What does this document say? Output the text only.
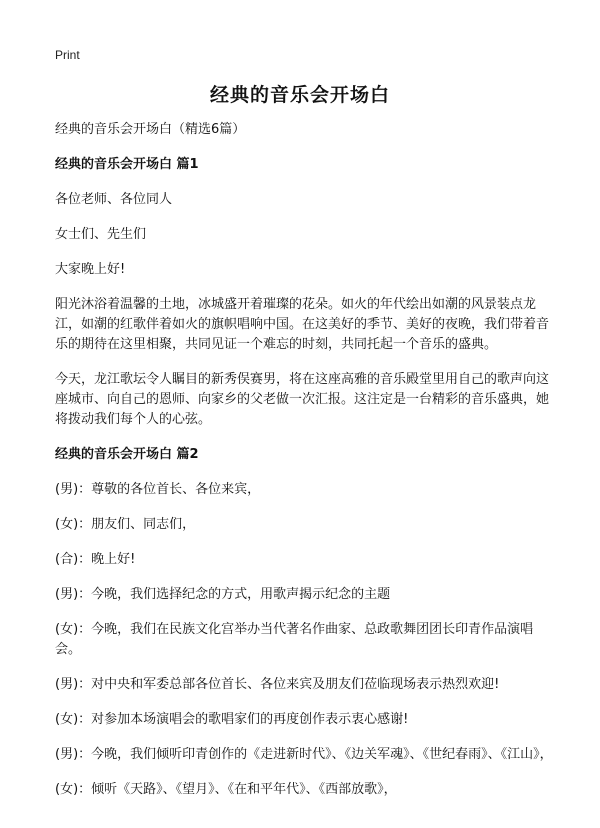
Print
经典的音乐会开场白

经典的音乐会开场白（精选6篇）

经典的音乐会开场白 篇1

各位老师、各位同人

女士们、先生们

大家晚上好!

阳光沐浴着温馨的土地，冰城盛开着璀璨的花朵。如火的年代绘出如潮的风景装点龙江，如潮的红歌伴着如火的旗帜唱响中国。在这美好的季节、美好的夜晚，我们带着音乐的期待在这里相聚，共同见证一个难忘的时刻，共同托起一个音乐的盛典。

今天，龙江歌坛令人瞩目的新秀俣赛男，将在这座高雅的音乐殿堂里用自己的歌声向这座城市、向自己的恩师、向家乡的父老做一次汇报。这注定是一台精彩的音乐盛典，她将拨动我们每个人的心弦。

经典的音乐会开场白 篇2

(男)：尊敬的各位首长、各位来宾，

(女)：朋友们、同志们，

(合)：晚上好!

(男)：今晚，我们选择纪念的方式，用歌声揭示纪念的主题

(女)：今晚，我们在民族文化宫举办当代著名作曲家、总政歌舞团团长印青作品演唱会。

(男)：对中央和军委总部各位首长、各位来宾及朋友们莅临现场表示热烈欢迎!

(女)：对参加本场演唱会的歌唱家们的再度创作表示衷心感谢!

(男)：今晚，我们倾听印青创作的《走进新时代》、《边关军魂》、《世纪春雨》、《江山》，

(女)：倾听《天路》、《望月》、《在和平年代》、《西部放歌》，
